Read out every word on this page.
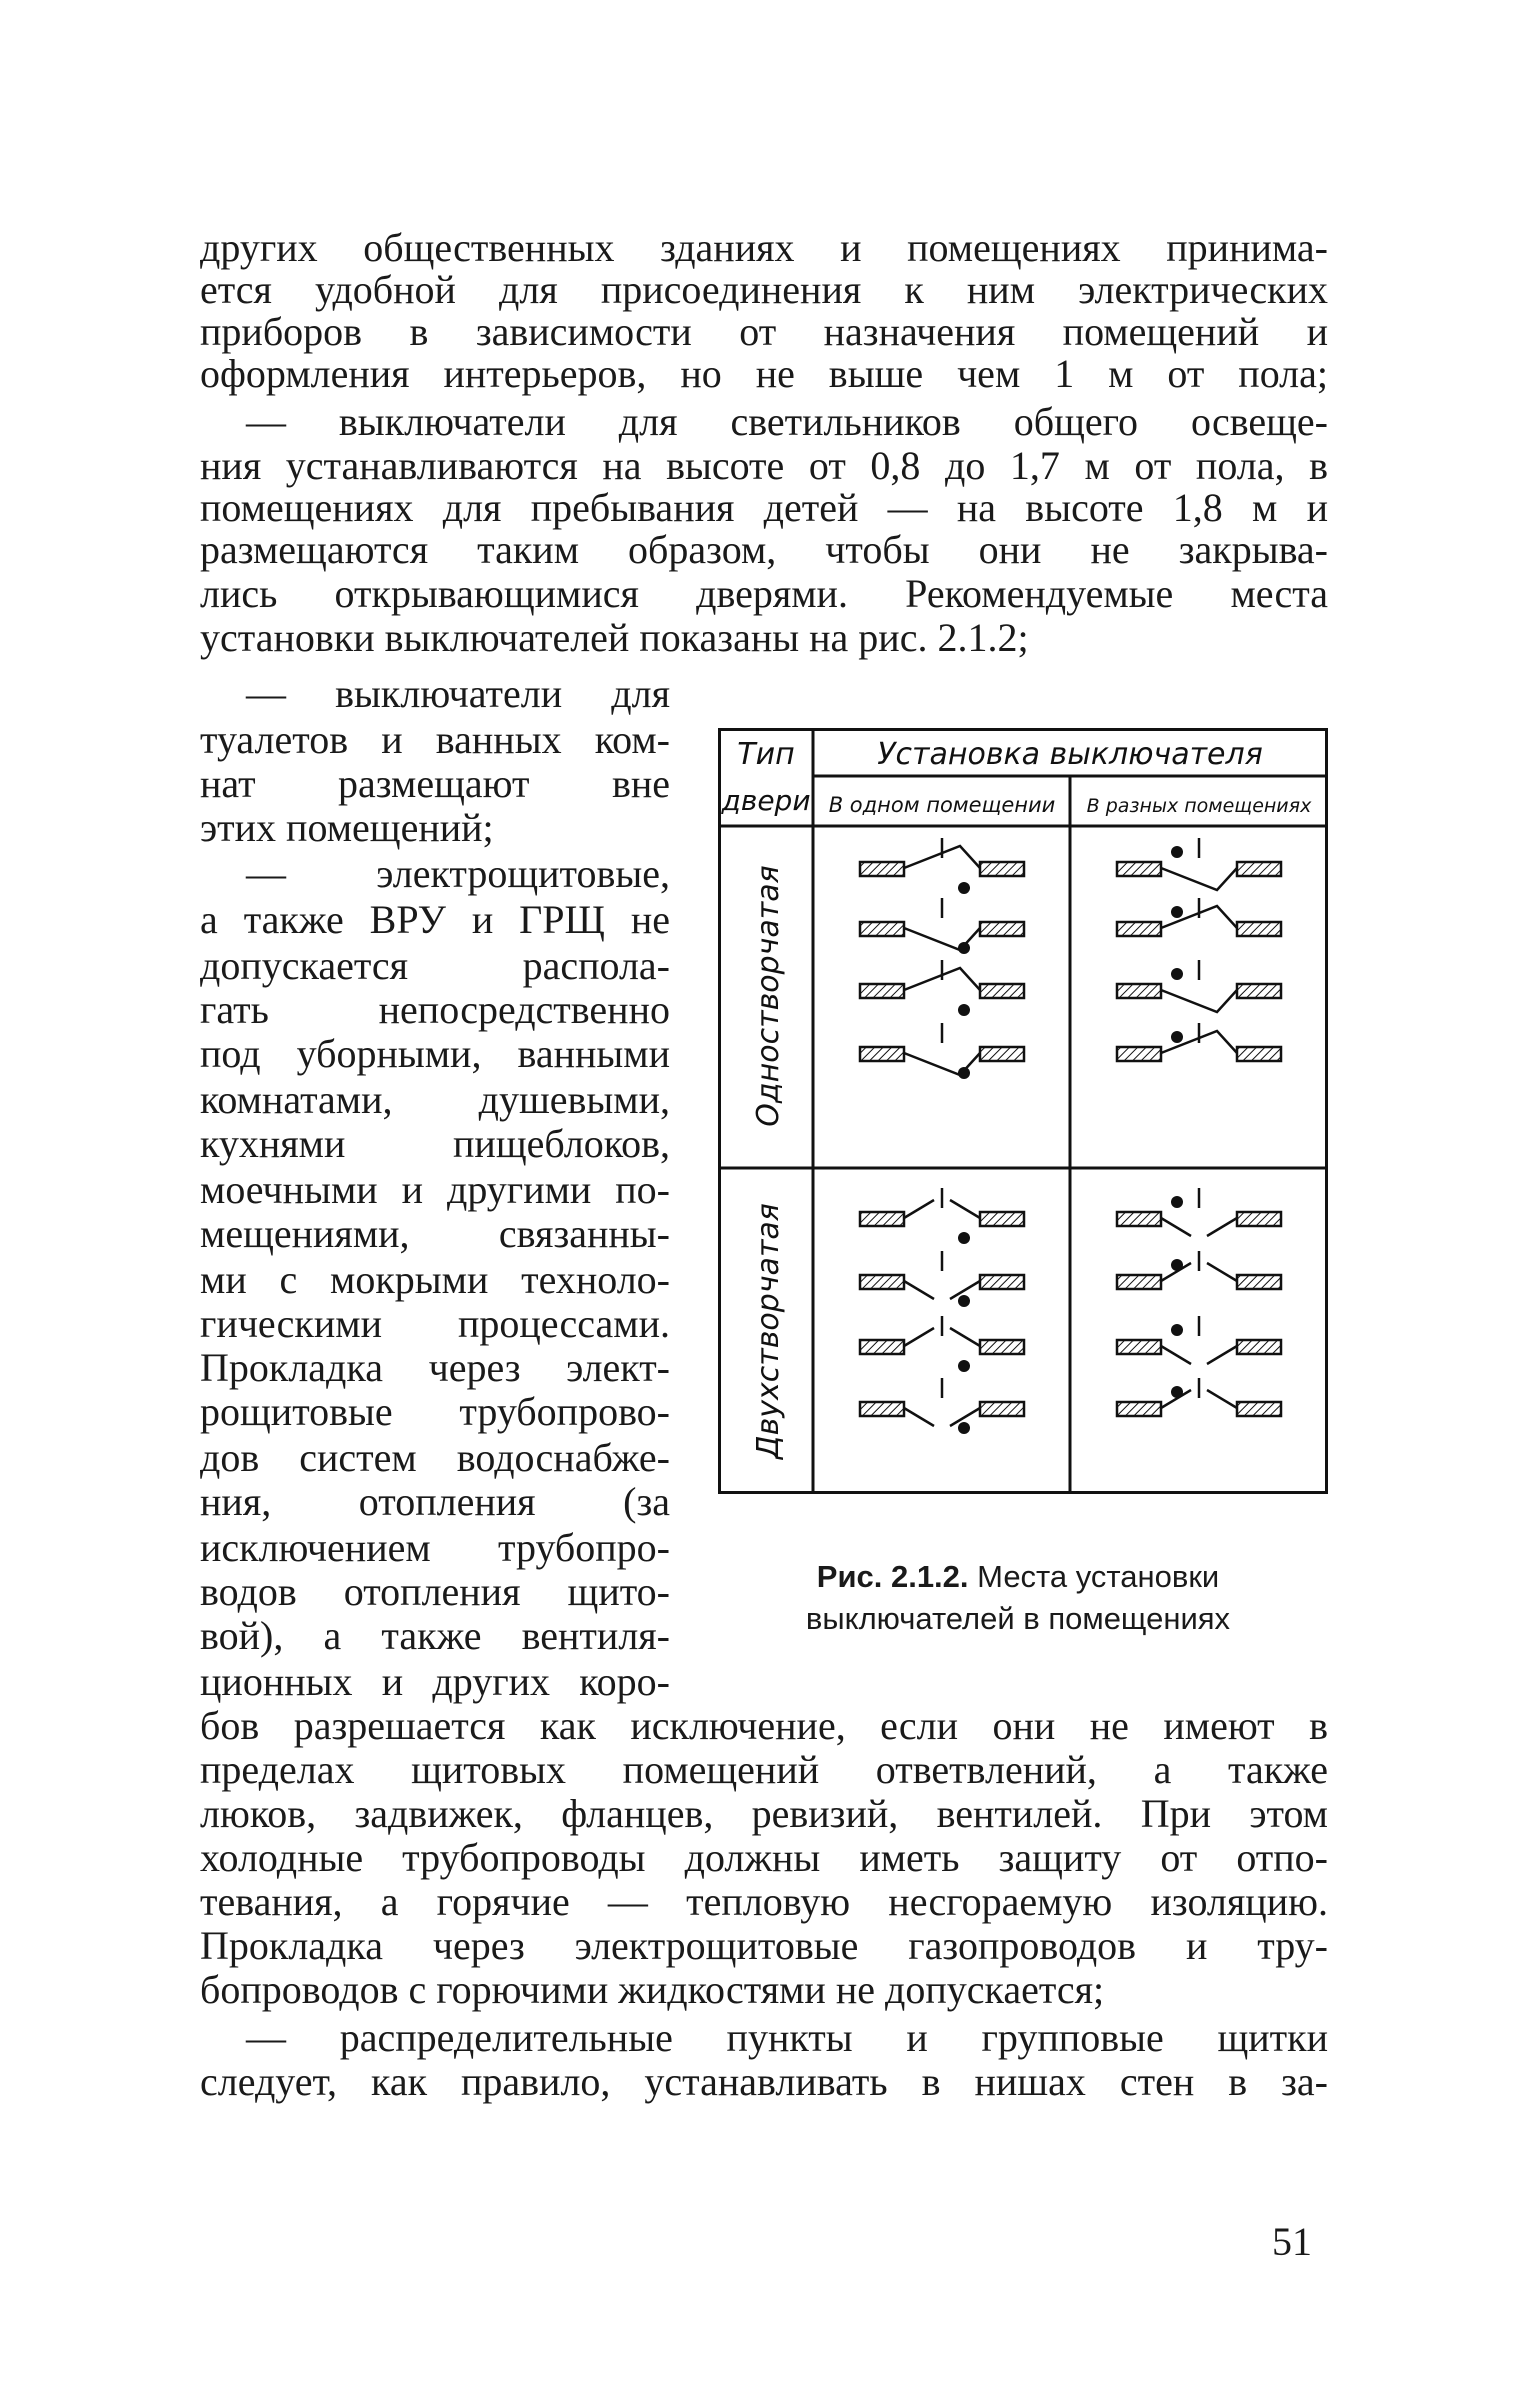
других общественных зданиях и помещениях принима-
ется удобной для присоединения к ним электрических
приборов в зависимости от назначения помещений и
оформления интерьеров, но не выше чем 1 м от пола;
— выключатели для светильников общего освеще-
ния устанавливаются на высоте от 0,8 до 1,7 м от пола, в
помещениях для пребывания детей — на высоте 1,8 м и
размещаются таким образом, чтобы они не закрыва-
лись открывающимися дверями. Рекомендуемые места
установки выключателей показаны на рис. 2.1.2;
— выключатели для
туалетов и ванных ком-
нат размещают вне
этих помещений;
— электрощитовые,
а также ВРУ и ГРЩ не
допускается распола-
гать непосредственно
под уборными, ванными
комнатами, душевыми,
кухнями пищеблоков,
моечными и другими по-
мещениями, связанны-
ми с мокрыми техноло-
гическими процессами.
Прокладка через элект-
рощитовые трубопрово-
дов систем водоснабже-
ния, отопления (за
исключением трубопро-
водов отопления щито-
вой), а также вентиля-
ционных и других коро-
Тип
двери
Установка выключателя
В одном помещении В разных помещениях
Одностворчатая
Двухстворчатая
Рис. 2.1.2. Места установки
выключателей в помещениях
бов разрешается как исключение, если они не имеют в
пределах щитовых помещений ответвлений, а также
люков, задвижек, фланцев, ревизий, вентилей. При этом
холодные трубопроводы должны иметь защиту от отпо-
тевания, а горячие — тепловую несгораемую изоляцию.
Прокладка через электрощитовые газопроводов и тру-
бопроводов с горючими жидкостями не допускается;
— распределительные пункты и групповые щитки
следует, как правило, устанавливать в нишах стен в за-
51
